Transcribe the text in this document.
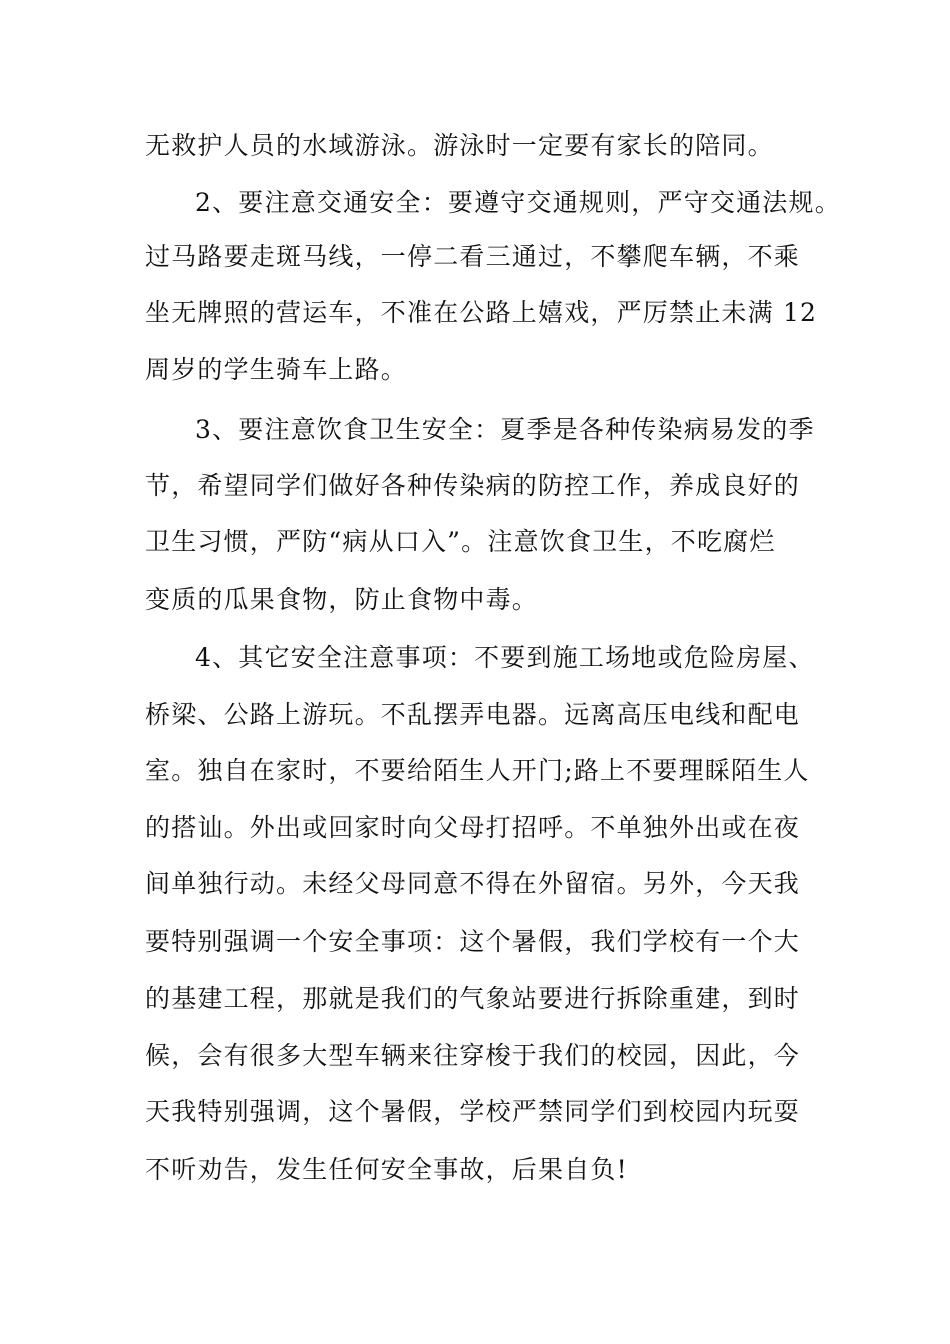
无救护人员的水域游泳。游泳时一定要有家长的陪同。
2、要注意交通安全：要遵守交通规则，严守交通法规。
过马路要走斑马线，一停二看三通过，不攀爬车辆，不乘
坐无牌照的营运车，不准在公路上嬉戏，严厉禁止未满 12
周岁的学生骑车上路。
3、要注意饮食卫生安全：夏季是各种传染病易发的季
节，希望同学们做好各种传染病的防控工作，养成良好的
卫生习惯，严防“病从口入”。注意饮食卫生，不吃腐烂
变质的瓜果食物，防止食物中毒。
4、其它安全注意事项：不要到施工场地或危险房屋、
桥梁、公路上游玩。不乱摆弄电器。远离高压电线和配电
室。独自在家时，不要给陌生人开门;路上不要理睬陌生人
的搭讪。外出或回家时向父母打招呼。不单独外出或在夜
间单独行动。未经父母同意不得在外留宿。另外，今天我
要特别强调一个安全事项：这个暑假，我们学校有一个大
的基建工程，那就是我们的气象站要进行拆除重建，到时
候，会有很多大型车辆来往穿梭于我们的校园，因此，今
天我特别强调，这个暑假，学校严禁同学们到校园内玩耍
不听劝告，发生任何安全事故，后果自负!
